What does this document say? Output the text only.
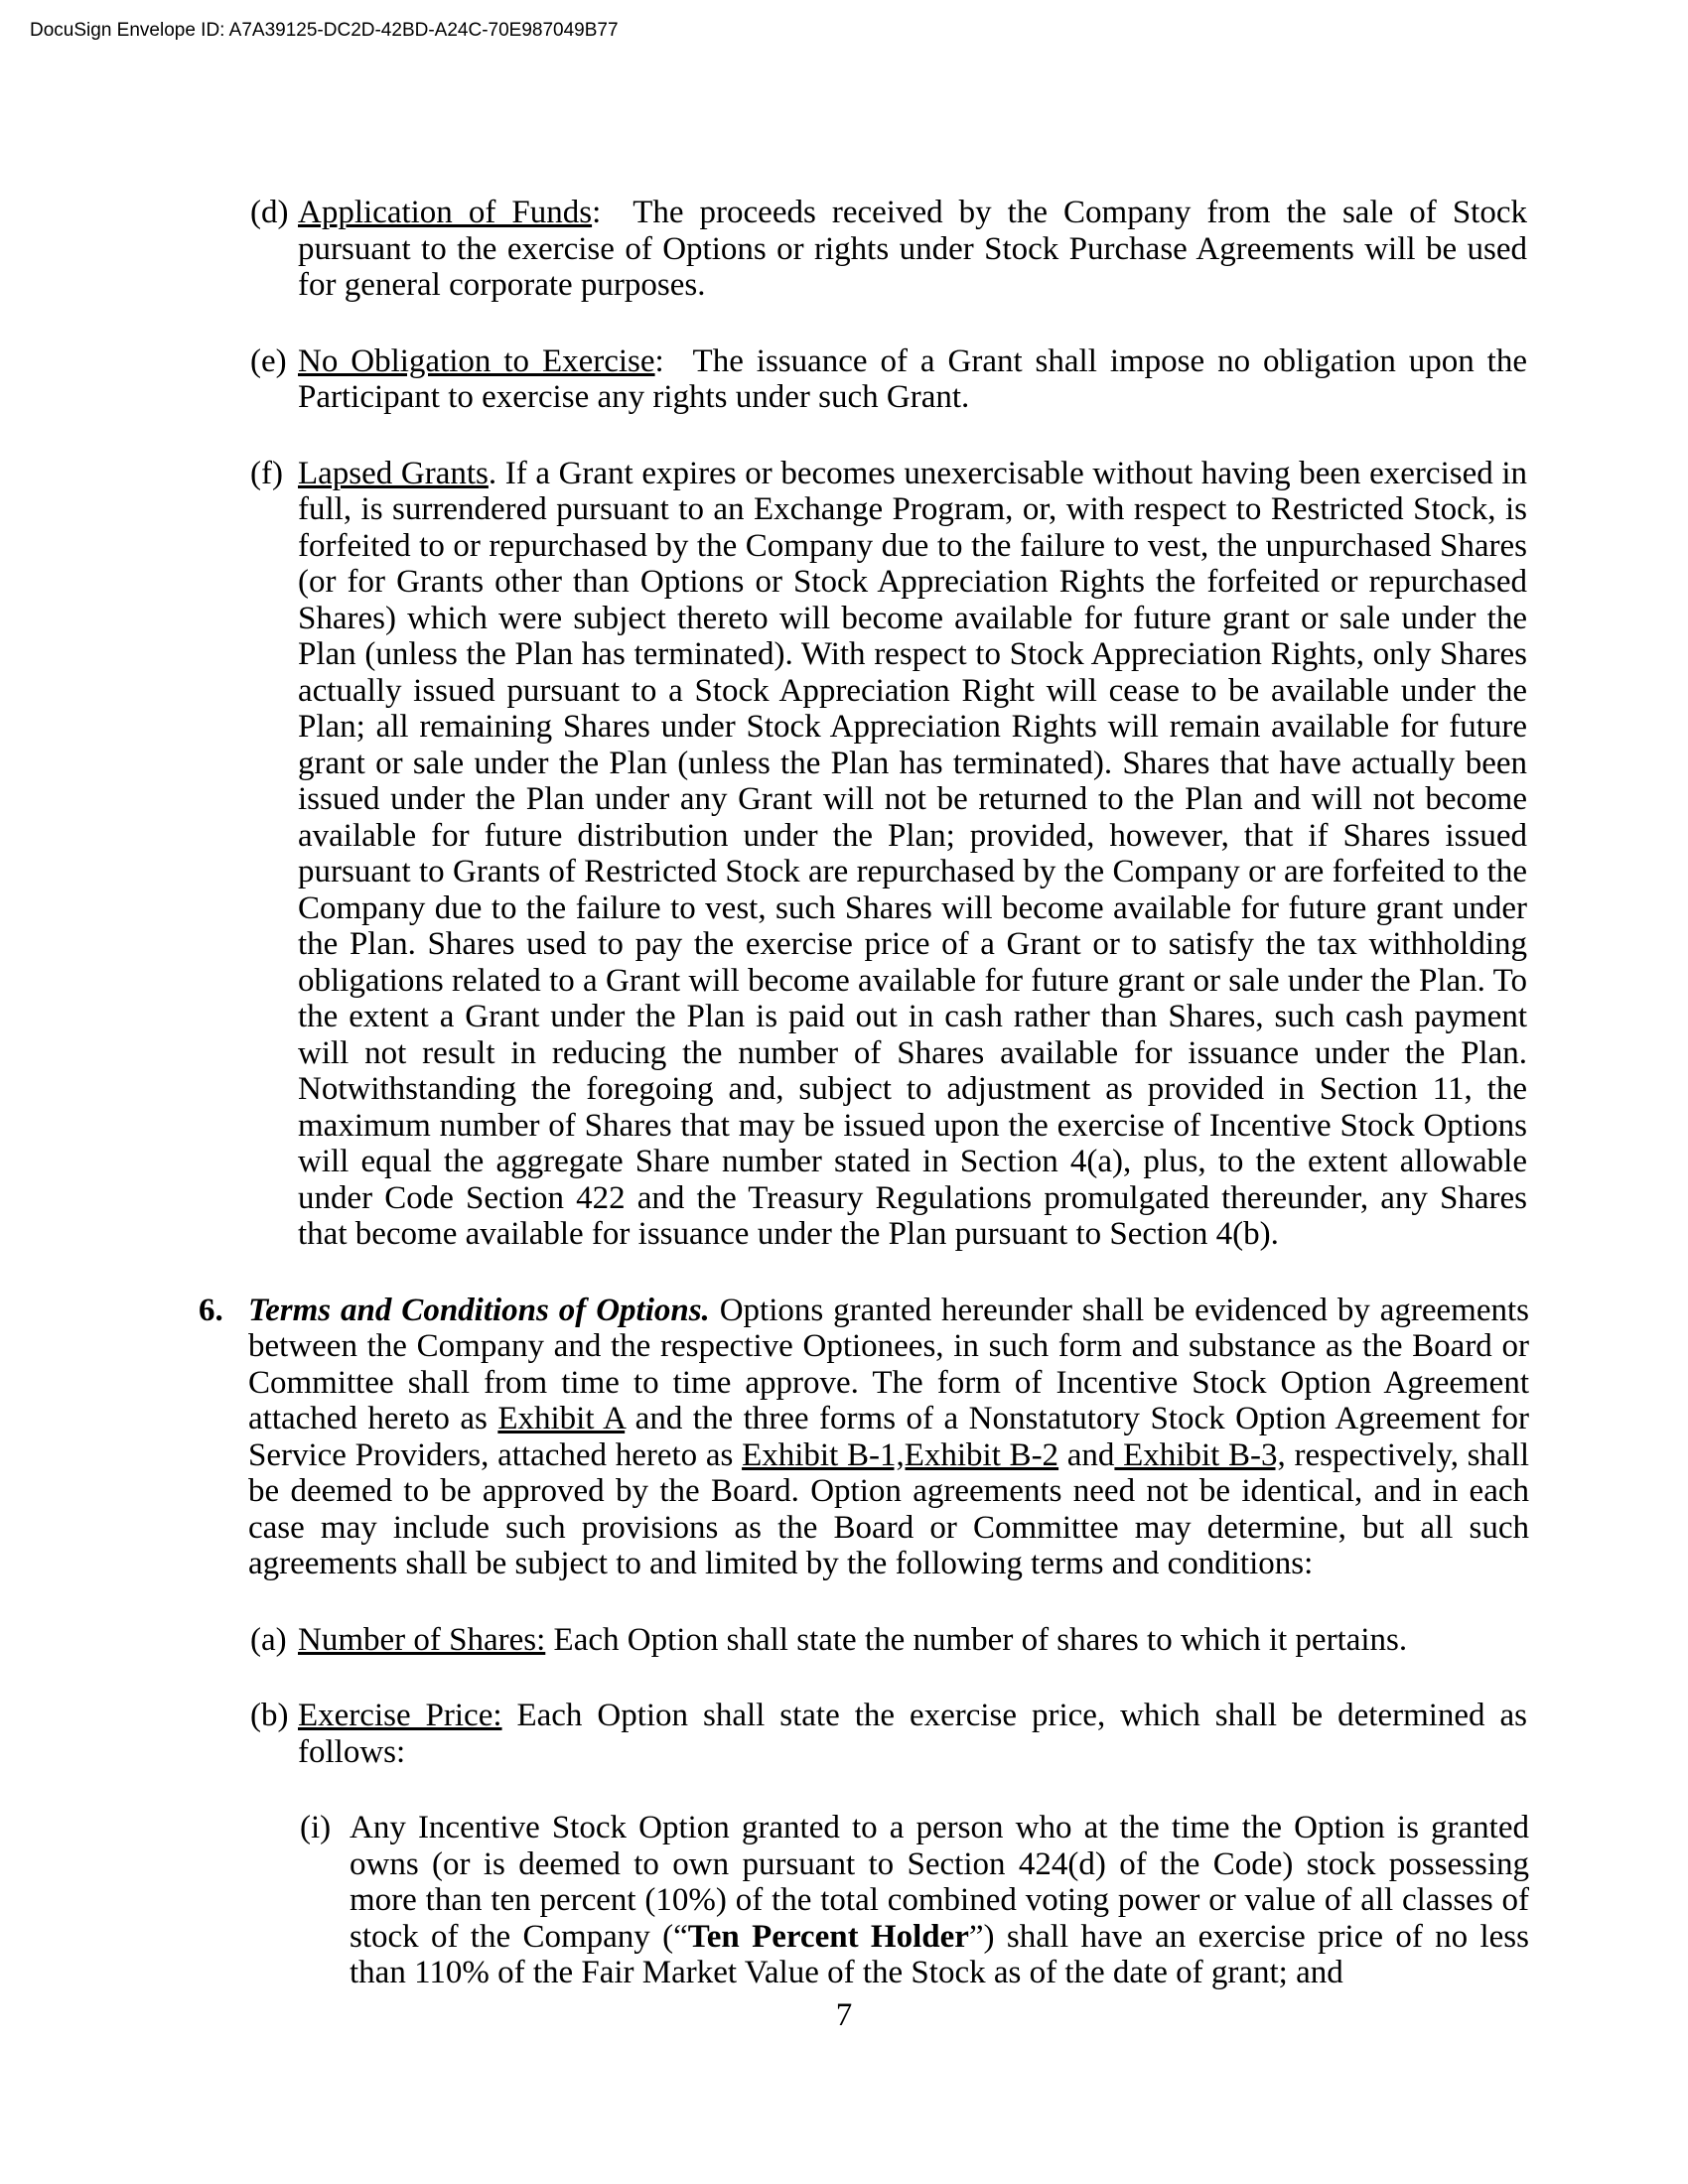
DocuSign Envelope ID: A7A39125-DC2D-42BD-A24C-70E987049B77
(d) Application of Funds:  The proceeds received by the Company from the sale of Stock pursuant to the exercise of Options or rights under Stock Purchase Agreements will be used for general corporate purposes.
(e) No Obligation to Exercise:  The issuance of a Grant shall impose no obligation upon the Participant to exercise any rights under such Grant.
(f) Lapsed Grants. If a Grant expires or becomes unexercisable without having been exercised in full, is surrendered pursuant to an Exchange Program, or, with respect to Restricted Stock, is forfeited to or repurchased by the Company due to the failure to vest, the unpurchased Shares (or for Grants other than Options or Stock Appreciation Rights the forfeited or repurchased Shares) which were subject thereto will become available for future grant or sale under the Plan (unless the Plan has terminated). With respect to Stock Appreciation Rights, only Shares actually issued pursuant to a Stock Appreciation Right will cease to be available under the Plan; all remaining Shares under Stock Appreciation Rights will remain available for future grant or sale under the Plan (unless the Plan has terminated). Shares that have actually been issued under the Plan under any Grant will not be returned to the Plan and will not become available for future distribution under the Plan; provided, however, that if Shares issued pursuant to Grants of Restricted Stock are repurchased by the Company or are forfeited to the Company due to the failure to vest, such Shares will become available for future grant under the Plan. Shares used to pay the exercise price of a Grant or to satisfy the tax withholding obligations related to a Grant will become available for future grant or sale under the Plan. To the extent a Grant under the Plan is paid out in cash rather than Shares, such cash payment will not result in reducing the number of Shares available for issuance under the Plan. Notwithstanding the foregoing and, subject to adjustment as provided in Section 11, the maximum number of Shares that may be issued upon the exercise of Incentive Stock Options will equal the aggregate Share number stated in Section 4(a), plus, to the extent allowable under Code Section 422 and the Treasury Regulations promulgated thereunder, any Shares that become available for issuance under the Plan pursuant to Section 4(b).
6. Terms and Conditions of Options. Options granted hereunder shall be evidenced by agreements between the Company and the respective Optionees, in such form and substance as the Board or Committee shall from time to time approve. The form of Incentive Stock Option Agreement attached hereto as Exhibit A and the three forms of a Nonstatutory Stock Option Agreement for Service Providers, attached hereto as Exhibit B-1,Exhibit B-2 and Exhibit B-3, respectively, shall be deemed to be approved by the Board. Option agreements need not be identical, and in each case may include such provisions as the Board or Committee may determine, but all such agreements shall be subject to and limited by the following terms and conditions:
(a) Number of Shares: Each Option shall state the number of shares to which it pertains.
(b) Exercise Price: Each Option shall state the exercise price, which shall be determined as follows:
(i) Any Incentive Stock Option granted to a person who at the time the Option is granted owns (or is deemed to own pursuant to Section 424(d) of the Code) stock possessing more than ten percent (10%) of the total combined voting power or value of all classes of stock of the Company (“Ten Percent Holder”) shall have an exercise price of no less than 110% of the Fair Market Value of the Stock as of the date of grant; and
7
